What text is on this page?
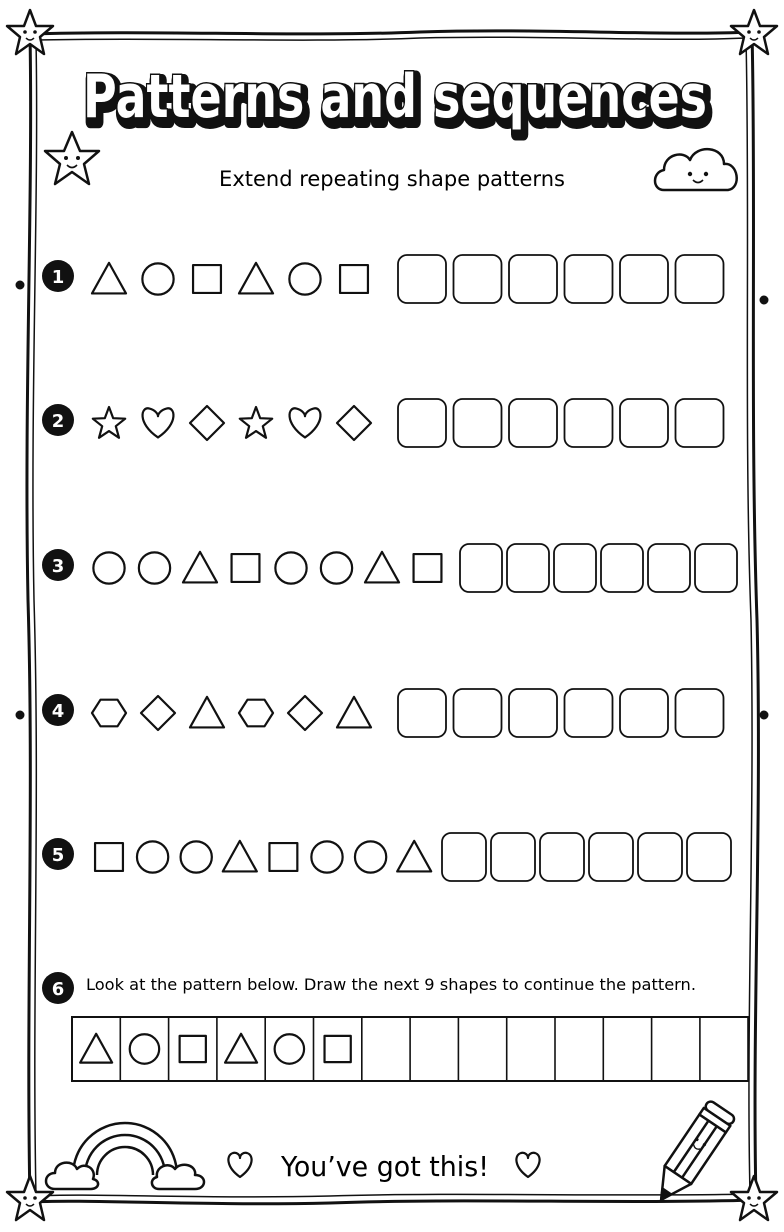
Patterns and sequences
Patterns and sequences
Extend repeating shape patterns
1
2
3
4
5
6 Look at the pattern below. Draw the next 9 shapes to continue the pattern.
You’ve got this!
